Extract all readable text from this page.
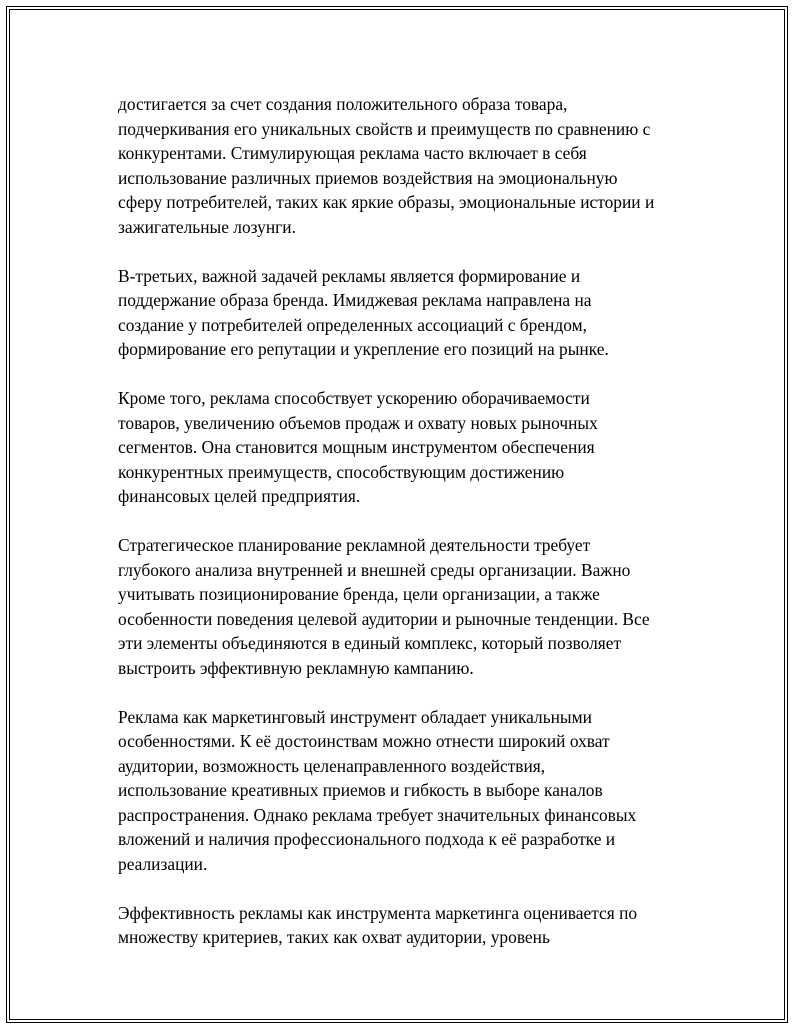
достигается за счет создания положительного образа товара,
подчеркивания его уникальных свойств и преимуществ по сравнению с
конкурентами. Стимулирующая реклама часто включает в себя
использование различных приемов воздействия на эмоциональную
сферу потребителей, таких как яркие образы, эмоциональные истории и
зажигательные лозунги.

В-третьих, важной задачей рекламы является формирование и
поддержание образа бренда. Имиджевая реклама направлена на
создание у потребителей определенных ассоциаций с брендом,
формирование его репутации и укрепление его позиций на рынке.

Кроме того, реклама способствует ускорению оборачиваемости
товаров, увеличению объемов продаж и охвату новых рыночных
сегментов. Она становится мощным инструментом обеспечения
конкурентных преимуществ, способствующим достижению
финансовых целей предприятия.

Стратегическое планирование рекламной деятельности требует
глубокого анализа внутренней и внешней среды организации. Важно
учитывать позиционирование бренда, цели организации, а также
особенности поведения целевой аудитории и рыночные тенденции. Все
эти элементы объединяются в единый комплекс, который позволяет
выстроить эффективную рекламную кампанию.

Реклама как маркетинговый инструмент обладает уникальными
особенностями. К её достоинствам можно отнести широкий охват
аудитории, возможность целенаправленного воздействия,
использование креативных приемов и гибкость в выборе каналов
распространения. Однако реклама требует значительных финансовых
вложений и наличия профессионального подхода к её разработке и
реализации.

Эффективность рекламы как инструмента маркетинга оценивается по
множеству критериев, таких как охват аудитории, уровень
